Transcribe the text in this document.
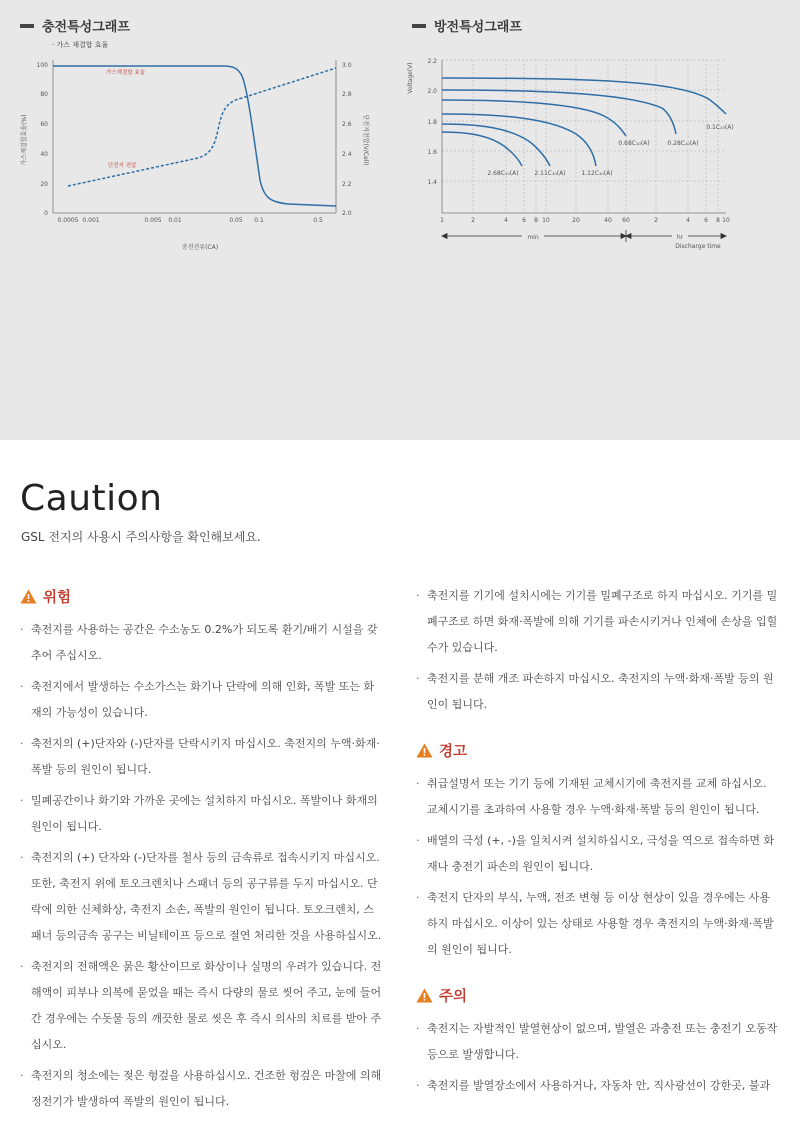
충전특성그래프
· 가스 재결합 효율
100
80
60
40
20
0
3.0
2.8
2.6
2.4
2.2
2.0
0.0005 0.001	0.005 0.01	0.05 0.1	0.5
충전전류(CA)
가스재결합효율(%)	단전지전압(V/Cell)
가스재결합 효율
단전지 전압
방전특성그래프
2.2
2.0
1.8
1.6
1.4
Voltage(V)
1	2	4 6 8 10	20	40 60	2	4 6 8 10
min	hr
Discharge time
2.68C₁₀(A)	2.11C₁₀(A)	1.12C₁₀(A)
0.68C₁₀(A)	0.28C₁₀(A)
0.1C₁₀(A)
Caution
GSL 전지의 사용시 주의사항을 확인해보세요.
위험
· 축전지를 사용하는 공간은 수소농도 0.2%가 되도록 환기/배기 시설을 갖추어 주십시오.
· 축전지에서 발생하는 수소가스는 화기나 단락에 의해 인화, 폭발 또는 화재의 가능성이 있습니다.
· 축전지의 (+)단자와 (-)단자를 단락시키지 마십시오. 축전지의 누액·화재·폭발 등의 원인이 됩니다.
· 밀폐공간이나 화기와 가까운 곳에는 설치하지 마십시오. 폭발이나 화재의 원인이 됩니다.
· 축전지의 (+) 단자와 (-)단자를 철사 등의 금속류로 접속시키지 마십시오. 또한, 축전지 위에 토오크렌치나 스패너 등의 공구류를 두지 마십시오. 단락에 의한 신체화상, 축전지 소손, 폭발의 원인이 됩니다. 토오크렌치, 스패너 등의금속 공구는 비닐테이프 등으로 절연 처리한 것을 사용하십시오.
· 축전지의 전해액은 묽은 황산이므로 화상이나 실명의 우려가 있습니다. 전해액이 피부나 의복에 묻었을 때는 즉시 다량의 물로 씻어 주고, 눈에 들어간 경우에는 수돗물 등의 깨끗한 물로 씻은 후 즉시 의사의 치료를 받아 주십시오.
· 축전지의 청소에는 젖은 헝겊을 사용하십시오. 건조한 헝겊은 마찰에 의해 정전기가 발생하여 폭발의 원인이 됩니다.
· 축전지를 기기에 설치시에는 기기를 밀폐구조로 하지 마십시오. 기기를 밀폐구조로 하면 화재·폭발에 의해 기기를 파손시키거나 인체에 손상을 입힐 수가 있습니다.
· 축전지를 분해 개조 파손하지 마십시오. 축전지의 누액·화재·폭발 등의 원인이 됩니다.
경고
· 취급설명서 또는 기기 등에 기재된 교체시기에 축전지를 교체 하십시오. 교체시기를 초과하여 사용할 경우 누액·화재·폭발 등의 원인이 됩니다.
· 배열의 극성 (+, -)을 일치시켜 설치하십시오, 극성을 역으로 접속하면 화재나 충전기 파손의 원인이 됩니다.
· 축전지 단자의 부식, 누액, 전조 변형 등 이상 현상이 있을 경우에는 사용하지 마십시오. 이상이 있는 상태로 사용할 경우 축전지의 누액·화재·폭발의 원인이 됩니다.
주의
· 축전지는 자발적인 발열현상이 없으며, 발열은 과충전 또는 충전기 오동작 등으로 발생합니다.
· 축전지를 발열장소에서 사용하거나, 자동차 안, 직사광선이 강한곳, 불과
